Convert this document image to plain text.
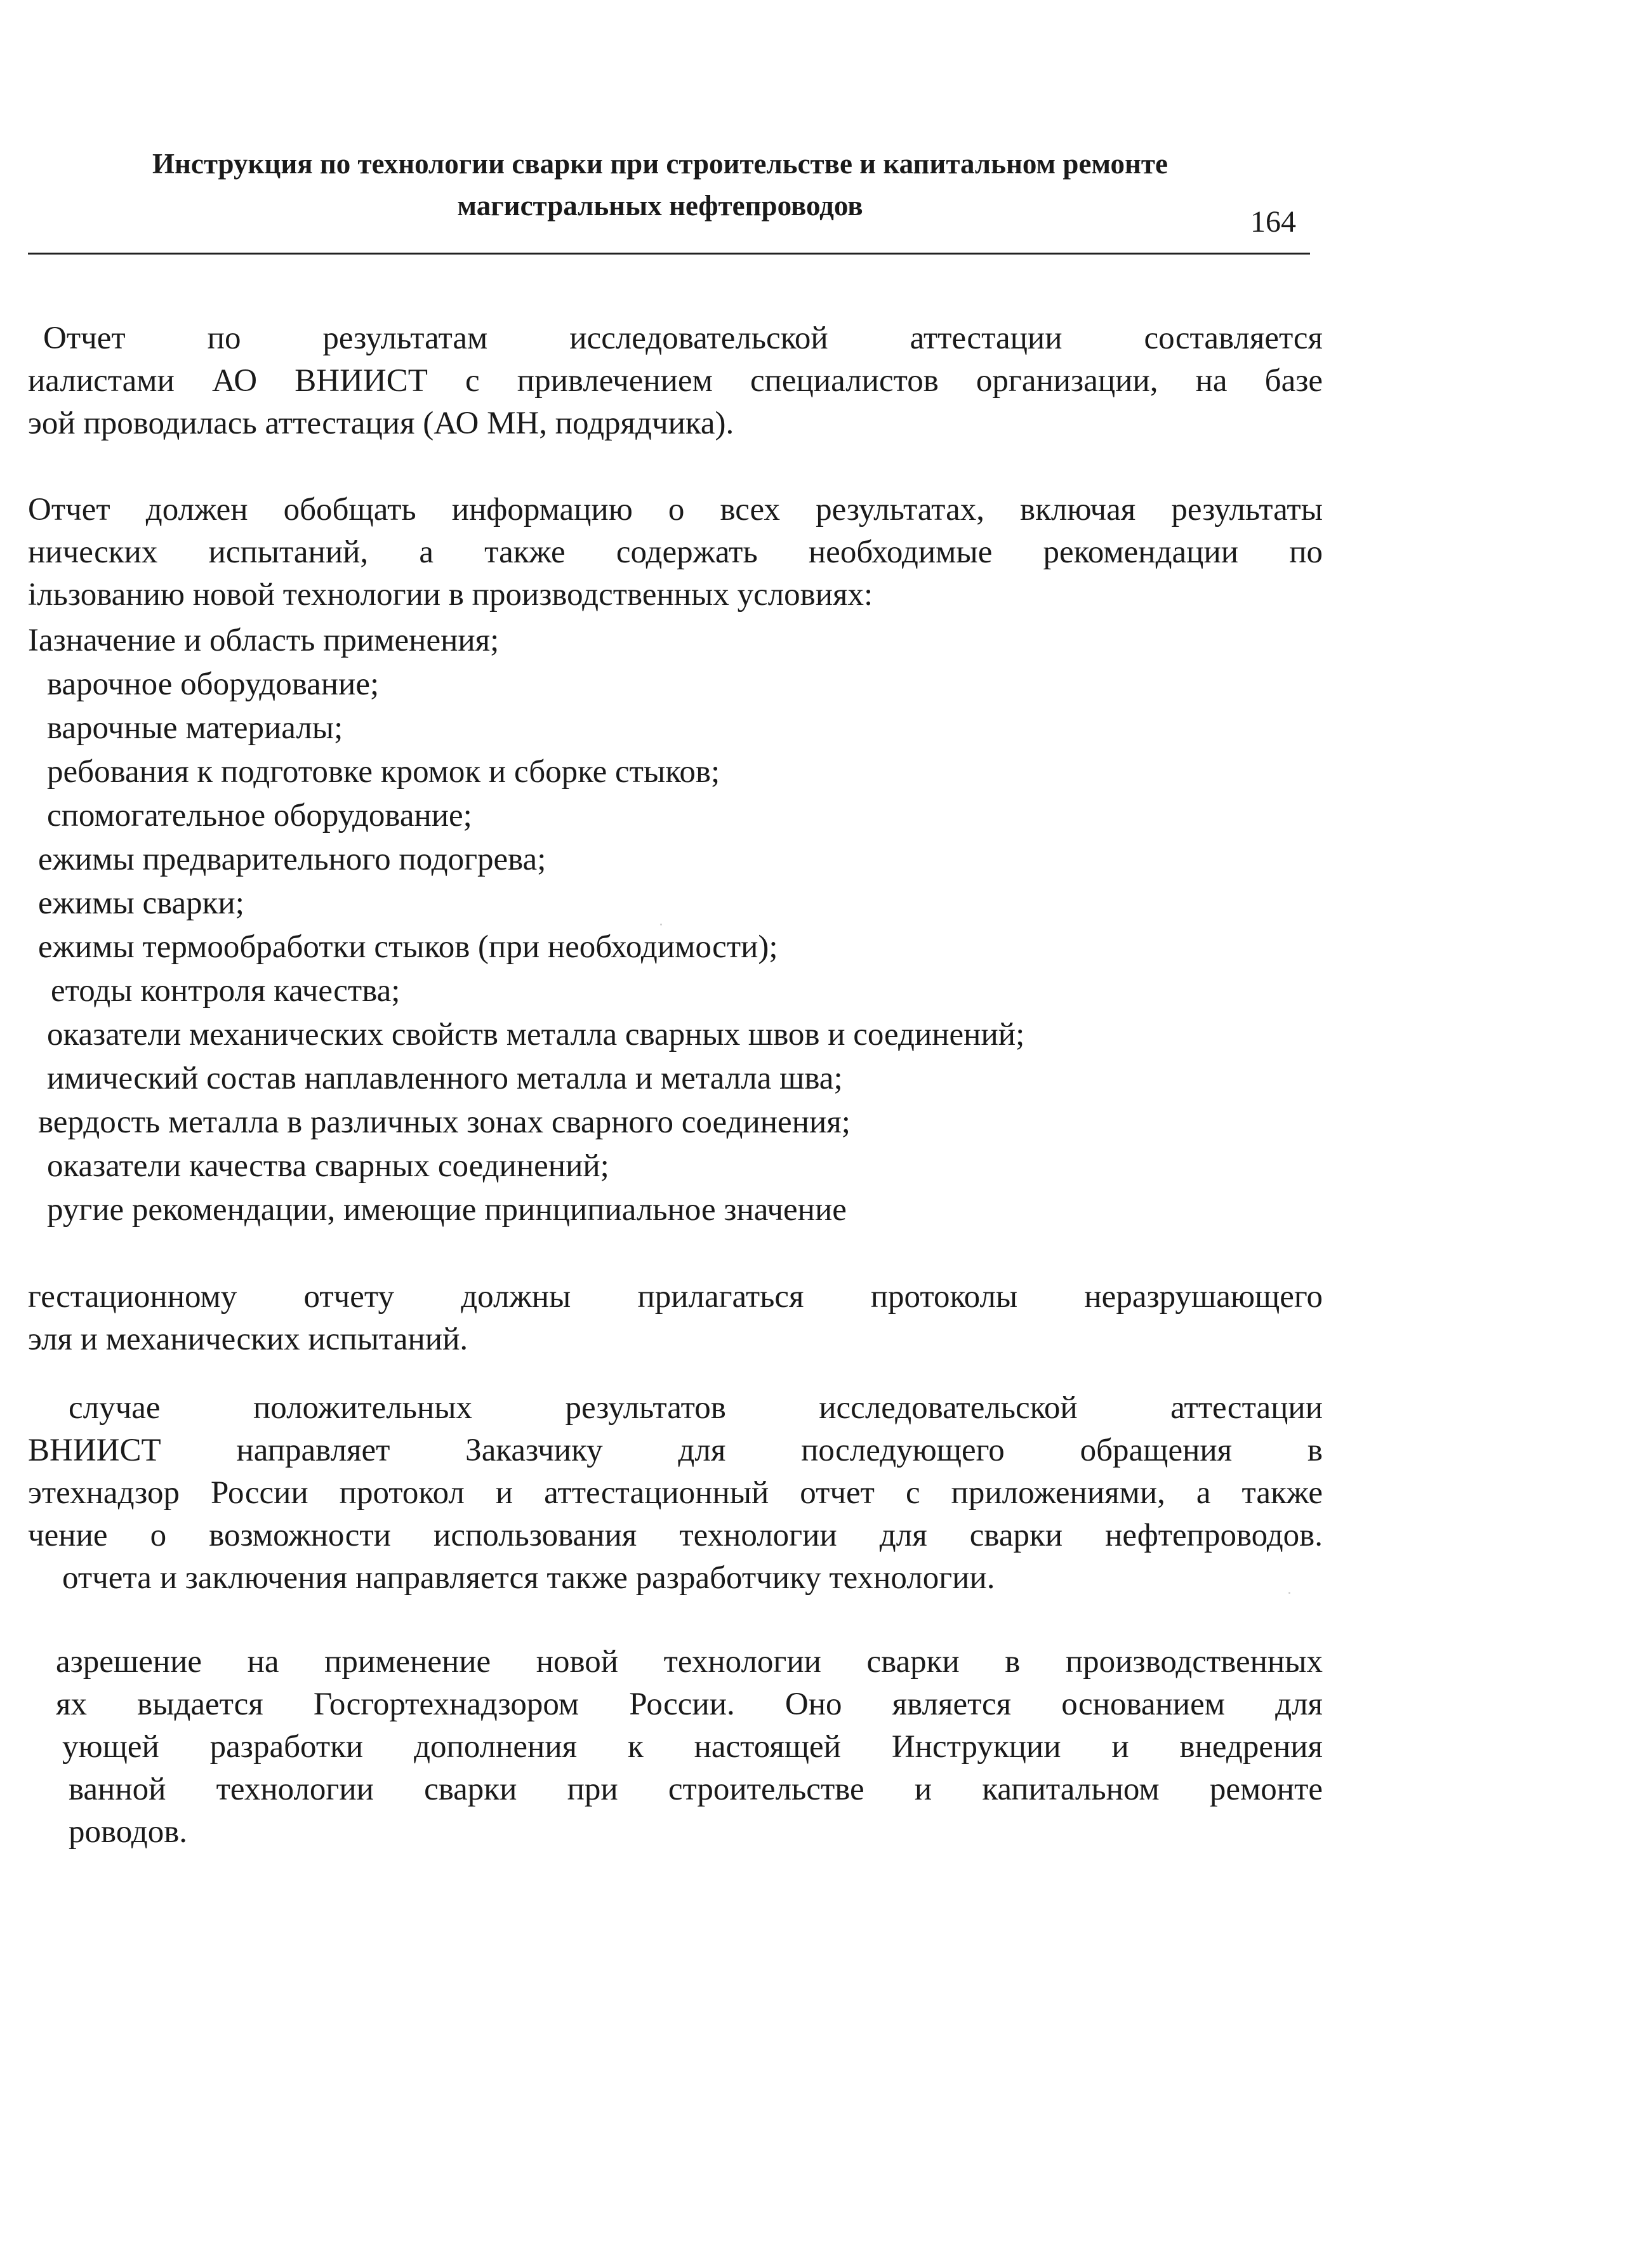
Инструкция по технологии сварки при строительстве и капитальном ремонте
магистральных нефтепроводов	164

Отчет по результатам исследовательской аттестации составляется
иалистами АО ВНИИСТ с привлечением специалистов организации, на базе
эой проводилась аттестация (АО МН, подрядчика).

Отчет должен обобщать информацию о всех результатах, включая результаты
нических испытаний, а также содержать необходимые рекомендации по
ільзованию новой технологии в производственных условиях:

Іазначение и область применения;
варочное оборудование;
варочные материалы;
ребования к подготовке кромок и сборке стыков;
спомогательное оборудование;
ежимы предварительного подогрева;
ежимы сварки;
ежимы термообработки стыков (при необходимости);
етоды контроля качества;
оказатели механических свойств металла сварных швов и соединений;
имический состав наплавленного металла и металла шва;
вердость металла в различных зонах сварного соединения;
оказатели качества сварных соединений;
ругие рекомендации, имеющие принципиальное значение

гестационному отчету должны прилагаться протоколы неразрушающего
эля и механических испытаний.

случае положительных результатов исследовательской аттестации
ВНИИСТ направляет Заказчику для последующего обращения в
этехнадзор России протокол и аттестационный отчет с приложениями, а также
чение о возможности использования технологии для сварки нефтепроводов.
отчета и заключения направляется также разработчику технологии.

азрешение на применение новой технологии сварки в производственных
ях выдается Госгортехнадзором России. Оно является основанием для
ующей разработки дополнения к настоящей Инструкции и внедрения
ванной технологии сварки при строительстве и капитальном ремонте
роводов.
